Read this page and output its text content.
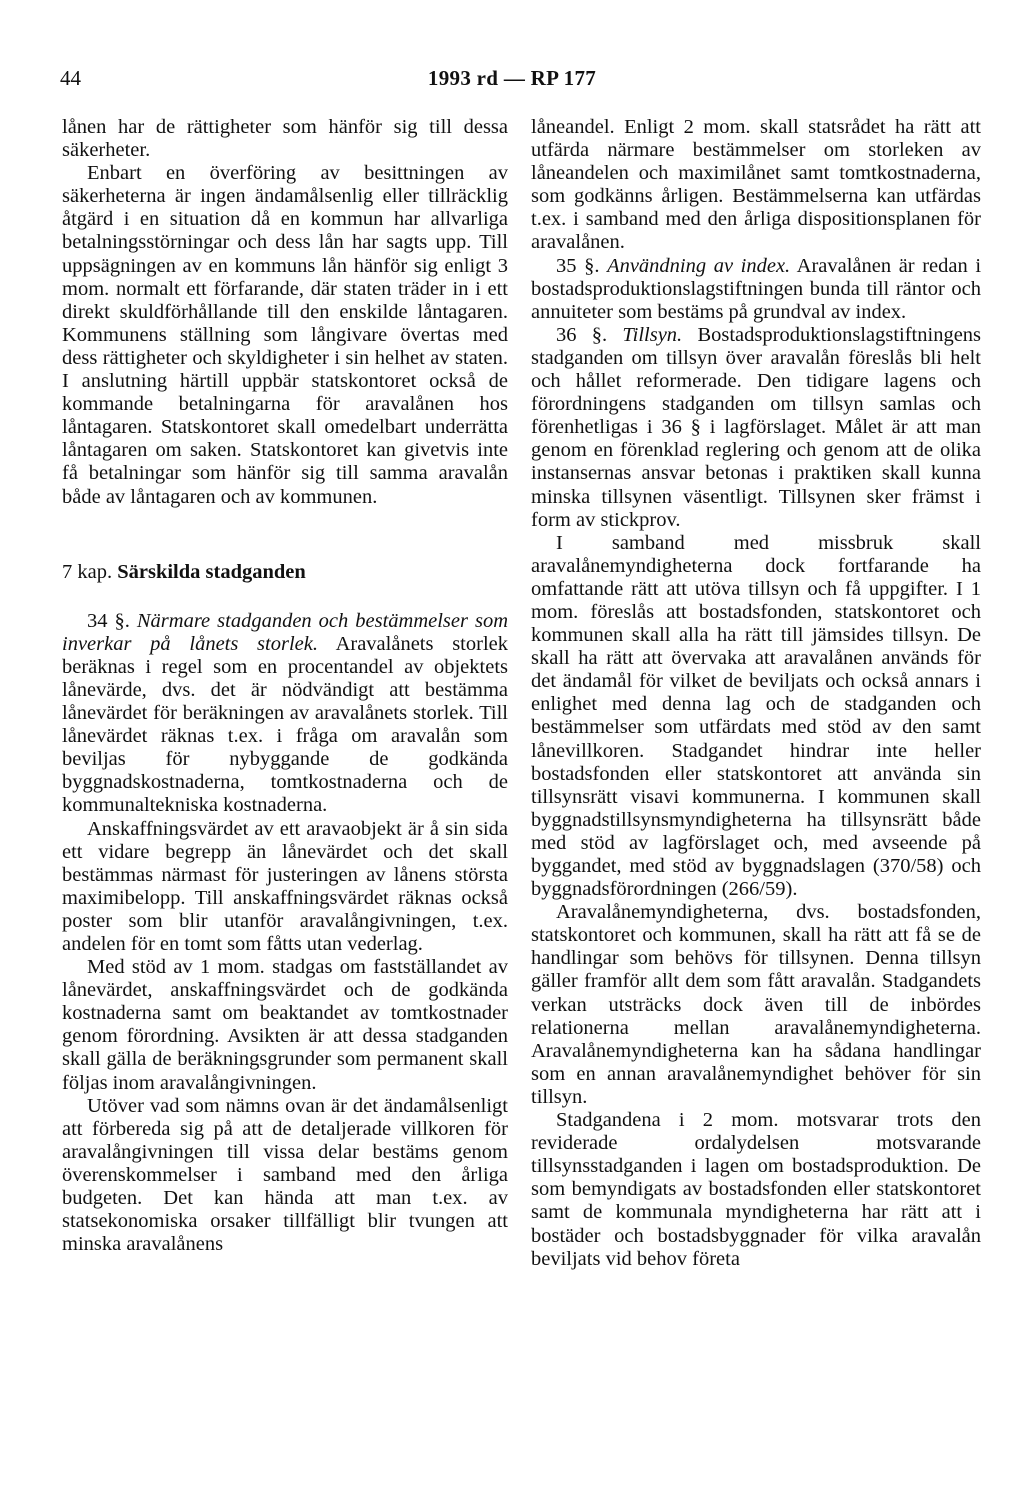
44	1993 rd — RP 177

lånen har de rättigheter som hänför sig till dessa säkerheter.

Enbart en överföring av besittningen av säkerheterna är ingen ändamålsenlig eller tillräcklig åtgärd i en situation då en kommun har allvarliga betalningsstörningar och dess lån har sagts upp. Till uppsägningen av en kommuns lån hänför sig enligt 3 mom. normalt ett förfarande, där staten träder in i ett direkt skuldförhållande till den enskilde låntagaren. Kommunens ställning som långivare övertas med dess rättigheter och skyldigheter i sin helhet av staten. I anslutning härtill uppbär statskontoret också de kommande betalningarna för aravalånen hos låntagaren. Statskontoret skall omedelbart underrätta låntagaren om saken. Statskontoret kan givetvis inte få betalningar som hänför sig till samma aravalån både av låntagaren och av kommunen.

7 kap. Särskilda stadganden

34 §. Närmare stadganden och bestämmelser som inverkar på lånets storlek. Aravalånets storlek beräknas i regel som en procentandel av objektets lånevärde, dvs. det är nödvändigt att bestämma lånevärdet för beräkningen av aravalånets storlek. Till lånevärdet räknas t.ex. i fråga om aravalån som beviljas för nybyggande de godkända byggnadskostnaderna, tomtkostnaderna och de kommunaltekniska kostnaderna.

Anskaffningsvärdet av ett aravaobjekt är å sin sida ett vidare begrepp än lånevärdet och det skall bestämmas närmast för justeringen av lånens största maximibelopp. Till anskaffningsvärdet räknas också poster som blir utanför aravalångivningen, t.ex. andelen för en tomt som fåtts utan vederlag.

Med stöd av 1 mom. stadgas om fastställandet av lånevärdet, anskaffningsvärdet och de godkända kostnaderna samt om beaktandet av tomtkostnader genom förordning. Avsikten är att dessa stadganden skall gälla de beräkningsgrunder som permanent skall följas inom aravalångivningen.

Utöver vad som nämns ovan är det ändamålsenligt att förbereda sig på att de detaljerade villkoren för aravalångivningen till vissa delar bestäms genom överenskommelser i samband med den årliga budgeten. Det kan hända att man t.ex. av statsekonomiska orsaker tillfälligt blir tvungen att minska aravalånens

låneandel. Enligt 2 mom. skall statsrådet ha rätt att utfärda närmare bestämmelser om storleken av låneandelen och maximilånet samt tomtkostnaderna, som godkänns årligen. Bestämmelserna kan utfärdas t.ex. i samband med den årliga dispositionsplanen för aravalånen.

35 §. Användning av index. Aravalånen är redan i bostadsproduktionslagstiftningen bunda till räntor och annuiteter som bestäms på grundval av index.

36 §. Tillsyn. Bostadsproduktionslagstiftningens stadganden om tillsyn över aravalån föreslås bli helt och hållet reformerade. Den tidigare lagens och förordningens stadganden om tillsyn samlas och förenhetligas i 36 § i lagförslaget. Målet är att man genom en förenklad reglering och genom att de olika instansernas ansvar betonas i praktiken skall kunna minska tillsynen väsentligt. Tillsynen sker främst i form av stickprov.

I samband med missbruk skall aravalånemyndigheterna dock fortfarande ha omfattande rätt att utöva tillsyn och få uppgifter. I 1 mom. föreslås att bostadsfonden, statskontoret och kommunen skall alla ha rätt till jämsides tillsyn. De skall ha rätt att övervaka att aravalånen används för det ändamål för vilket de beviljats och också annars i enlighet med denna lag och de stadganden och bestämmelser som utfärdats med stöd av den samt lånevillkoren. Stadgandet hindrar inte heller bostadsfonden eller statskontoret att använda sin tillsynsrätt visavi kommunerna. I kommunen skall byggnadstillsynsmyndigheterna ha tillsynsrätt både med stöd av lagförslaget och, med avseende på byggandet, med stöd av byggnadslagen (370/58) och byggnadsförordningen (266/59).

Aravalånemyndigheterna, dvs. bostadsfonden, statskontoret och kommunen, skall ha rätt att få se de handlingar som behövs för tillsynen. Denna tillsyn gäller framför allt dem som fått aravalån. Stadgandets verkan utsträcks dock även till de inbördes relationerna mellan aravalånemyndigheterna. Aravalånemyndigheterna kan ha sådana handlingar som en annan aravalånemyndighet behöver för sin tillsyn.

Stadgandena i 2 mom. motsvarar trots den reviderade ordalydelsen motsvarande tillsynsstadganden i lagen om bostadsproduktion. De som bemyndigats av bostadsfonden eller statskontoret samt de kommunala myndigheterna har rätt att i bostäder och bostadsbyggnader för vilka aravalån beviljats vid behov företa
